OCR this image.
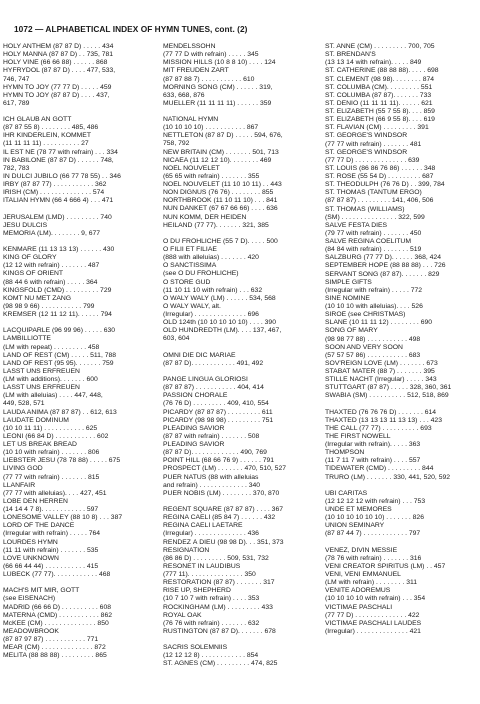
1072 — ALPHABETICAL INDEX OF HYMN TUNES, cont. (2)
HOLY ANTHEM (87 87 D) . . . . . 434
HOLY MANNA (87 87 D) . . 735, 781
HOLY VINE (66 66 88) . . . . . . 868
HYFRYDOL (87 87 D) . . . . 477, 533,
746, 747
HYMN TO JOY (77 77 D) . . . . . 459
HYMN TO JOY (87 87 D) . . . . 437,
617, 789
ICH GLAUB AN GOTT
(87 87 55 8) . . . . . . . . 485, 486
IHR KINDERLEIN, KOMMET
(11 11 11 11) . . . . . . . . . . 27
IL EST NÉ (78 77 with refrain) . . . 334
IN BABILONE (87 87 D) . . . . . . 748,
782, 783
IN DULCI JUBILO (66 77 78 55) . . 346
IRBY (87 87 77) . . . . . . . . . . . 362
IRISH (CM) . . . . . . . . . . . . . . 574
ITALIAN HYMN (66 4 666 4) . . . 471
JERUSALEM (LMD) . . . . . . . . . 740
JESU DULCIS
MEMORIA (LM). . . . . . . . 9, 677
KENMARE (11 13 13 13) . . . . . . 430
KING OF GLORY
(12 12 with refrain) . . . . . . . 487
KINGS OF ORIENT
(88 44 6 with refrain) . . . . . 364
KINGSFOLD (CMD) . . . . . . . . . 729
KOMT NU MET ZANG
(98 98 9 66) . . . . . . . . . . . 799
KREMSER (12 11 12 11). . . . . . 794
LACQUIPARLE (96 99 96) . . . . . 630
LAMBILLIOTTE
(LM with repeat) . . . . . . . . . 458
LAND OF REST (CM) . . . . . 511, 788
LAND OF REST (95 95). . . . . . . 759
LASST UNS ERFREUEN
(LM with additions). . . . . . . 600
LASST UNS ERFREUEN
(LM with alleluias) . . . . 447, 448,
449, 528, 571
LAUDA ANIMA (87 87 87) . . 612, 613
LAUDATE DOMINUM
(10 10 11 11) . . . . . . . . . . . 625
LEONI (66 84 D) . . . . . . . . . . . 602
LET US BREAK BREAD
(10 10 with refrain) . . . . . . . 806
LIEBSTER JESU (78 78 88) . . . . . 675
LIVING GOD
(77 77 with refrain) . . . . . . . 815
LLANFAIR
(77 77 with alleluias). . . . 427, 451
LOBE DEN HERREN
(14 14 4 7 8). . . . . . . . . . . . 597
LONESOME VALLEY (88 10 8) . . . 387
LORD OF THE DANCE
(Irregular with refrain) . . . . . 764
LOURDES HYMN
(11 11 with refrain) . . . . . . . 535
LOVE UNKNOWN
(66 66 44 44) . . . . . . . . . . . 415
LÜBECK (77 77). . . . . . . . . . . . 468
MACH'S MIT MIR, GOTT
(see EISENACH)
MADRID (66 66 D) . . . . . . . . . . 608
MATERNA (CMD) . . . . . . . . . . . 862
McKEE (CM) . . . . . . . . . . . . . . 850
MEADOWBROOK
(87 87 97 87) . . . . . . . . . . . 771
MEAR (CM) . . . . . . . . . . . . . . 872
MELITA (88 88 88) . . . . . . . . . 865
MENDELSSOHN
(77 77 D with refrain) . . . . . 345
MISSION HILLS (10 8 8 10) . . . . 124
MIT FREUDEN ZART
(87 87 88 7) . . . . . . . . . . . 610
MORNING SONG (CM) . . . . . . 319,
633, 668, 876
MUELLER (11 11 11 11) . . . . . . 359
NATIONAL HYMN
(10 10 10 10) . . . . . . . . . . . 867
NETTLETON (87 87 D) . . . . . 594, 676,
758, 792
NEW BRITAIN (CM) . . . . . . . 501, 713
NICAEA (11 12 12 10). . . . . . . . 469
NOËL NOUVELET
(65 65 with refrain) . . . . . . . 355
NOËL NOUVELET (11 10 10 11) . . 443
NON DIGNUS (76 76) . . . . . . . . 855
NORTHBROOK (11 10 11 10) . . . 841
NUN DANKET (67 67 66 66) . . . . 636
NUN KOMM, DER HEIDEN
HEILAND (77 77). . . . . . . 321, 385
O DU FRÖHLICHE (55 7 D). . . . . 500
O FILII ET FILIAE
(888 with alleluias) . . . . . . . 420
O SANCTISSIMA
(see O DU FRÖHLICHE)
O STORE GUD
(11 10 11 10 with refrain) . . . 632
O WALY WALY (LM) . . . . . . 534, 568
O WALY WALY, alt.
(Irregular) . . . . . . . . . . . . . . 696
OLD 124th (10 10 10 10 10) . . . . 390
OLD HUNDREDTH (LM). . . . 137, 467,
603, 604
OMNI DIE DIC MARIAE
(87 87 D). . . . . . . . . . . . 491, 492
PANGE LINGUA GLORIOSI
(87 87 87) . . . . . . . . . . . 404, 414
PASSION CHORALE
(76 76 D) . . . . . . . . . 409, 410, 554
PICARDY (87 87 87) . . . . . . . . . 611
PICARDY (98 98 98) . . . . . . . . . 751
PLEADING SAVIOR
(87 87 with refrain) . . . . . . . 508
PLEADING SAVIOR
(87 87 D). . . . . . . . . . . . . 490, 769
POINT HILL (68 66 76 9) . . . . . . 791
PROSPECT (LM) . . . . . . . 470, 510, 527
PUER NATUS (88 with alleluias
and refrain) . . . . . . . . . . . . . 340
PUER NOBIS (LM) . . . . . . . . 370, 870
REGENT SQUARE (87 87 87) . . . . 367
REGINA CAELI (85 84 7) . . . . . . 432
REGINA CAELI LAETARE
(Irregular) . . . . . . . . . . . . . . 436
RENDEZ À DIEU (98 98 D). . . 351, 373
RESIGNATION
(86 86 D) . . . . . . . . . 509, 531, 732
RESONET IN LAUDIBUS
(777 11). . . . . . . . . . . . . . . 350
RESTORATION (87 87) . . . . . . . 317
RISE UP, SHEPHERD
(10 7 10 7 with refrain) . . . . 353
ROCKINGHAM (LM) . . . . . . . . . 433
ROYAL OAK
(76 76 with refrain) . . . . . . . 632
RUSTINGTON (87 87 D). . . . . . . 678
SACRIS SOLEMNIIS
(12 12 12 8) . . . . . . . . . . . . 854
ST. AGNES (CM) . . . . . . . . . 474, 825
ST. ANNE (CM) . . . . . . . . . 700, 705
ST. BRENDAN'S
(13 13 14 with refrain). . . . . 849
ST. CATHERINE (88 88 88). . . . . 698
ST. CLEMENT (98 98). . . . . . . . 874
ST. COLUMBA (CM). . . . . . . . . 551
ST. COLUMBA (87 87). . . . . . . 733
ST. DENIO (11 11 11 11). . . . . . 621
ST. ELIZABETH (55 7 55 8). . . . 859
ST. ELIZABETH (66 9 55 8). . . . 619
ST. FLAVIAN (CM) . . . . . . . . . 391
ST. GEORGE'S WINDSOR
(77 77 with refrain) . . . . . . . 481
ST. GEORGE'S WINDSOR
(77 77 D) . . . . . . . . . . . . . . 639
ST. LOUIS (86 86 76 86) . . . . . . 348
ST. ROSE (55 54 D) . . . . . . . . . 687
ST. THEODULPH (76 76 D) . . 399, 784
ST. THOMAS (TANTUM ERGO)
(87 87 87) . . . . . . . . . 141, 406, 506
ST. THOMAS (WILLIAMS)
(SM) . . . . . . . . . . . . . . . 322, 599
SALVE FESTA DIES
(79 77 with refrain) . . . . . . . 450
SALVE REGINA COELITUM
(84 84 with refrain) . . . . . . . 519
SALZBURG (77 77 D). . . . . . 368, 424
SEPTEMBER HOPE (88 88 88) . . . 726
SERVANT SONG (87 87). . . . . . . 829
SIMPLE GIFTS
(Irregular with refrain) . . . . . 772
SINE NOMINE
(10 10 10 with alleluias). . . . 526
SIROË (see CHRISTMAS)
SLANE (10 11 11 12) . . . . . . . . 690
SONG OF MARY
(98 98 77 88) . . . . . . . . . . . 498
SOON AND VERY SOON
(57 57 57 86) . . . . . . . . . . . 683
SOV'REIGN LOVE (LM) . . . . . . . 673
STABAT MATER (88 7) . . . . . . . 395
STILLE NACHT (Irregular) . . . . . 343
STUTTGART (87 87) . . . . . 328, 360, 361
SWABIA (SM) . . . . . . . . . . 512, 518, 869
THAXTED (76 76 76 D) . . . . . . . 614
THAXTED (13 13 13 11 13 13) . . . 423
THE CALL (77 77) . . . . . . . . . . 693
THE FIRST NOWELL
(Irregular with refrain). . . . . 363
THOMPSON
(11 7 11 7 with refrain) . . . . 557
TIDEWATER (CMD) . . . . . . . . . 844
TRURO (LM) . . . . . . . 330, 441, 520, 592
UBI CARITAS
(12 12 12 12 with refrain) . . . 753
UNDE ET MEMORES
(10 10 10 10 10 10) . . . . . . . 826
UNION SEMINARY
(87 87 44 7) . . . . . . . . . . . . 797
VENEZ, DIVIN MESSIE
(78 76 with refrain) . . . . . . . 316
VENI CREATOR SPIRITUS (LM) . . 457
VENI, VENI EMMANUEL
(LM with refrain) . . . . . . . . 311
VENITE ADOREMUS
(10 10 10 10 with refrain) . . . 354
VICTIMAE PASCHALI
(77 77 D) . . . . . . . . . . . . . . 422
VICTIMAE PASCHALI LAUDES
(Irregular) . . . . . . . . . . . . . . 421
